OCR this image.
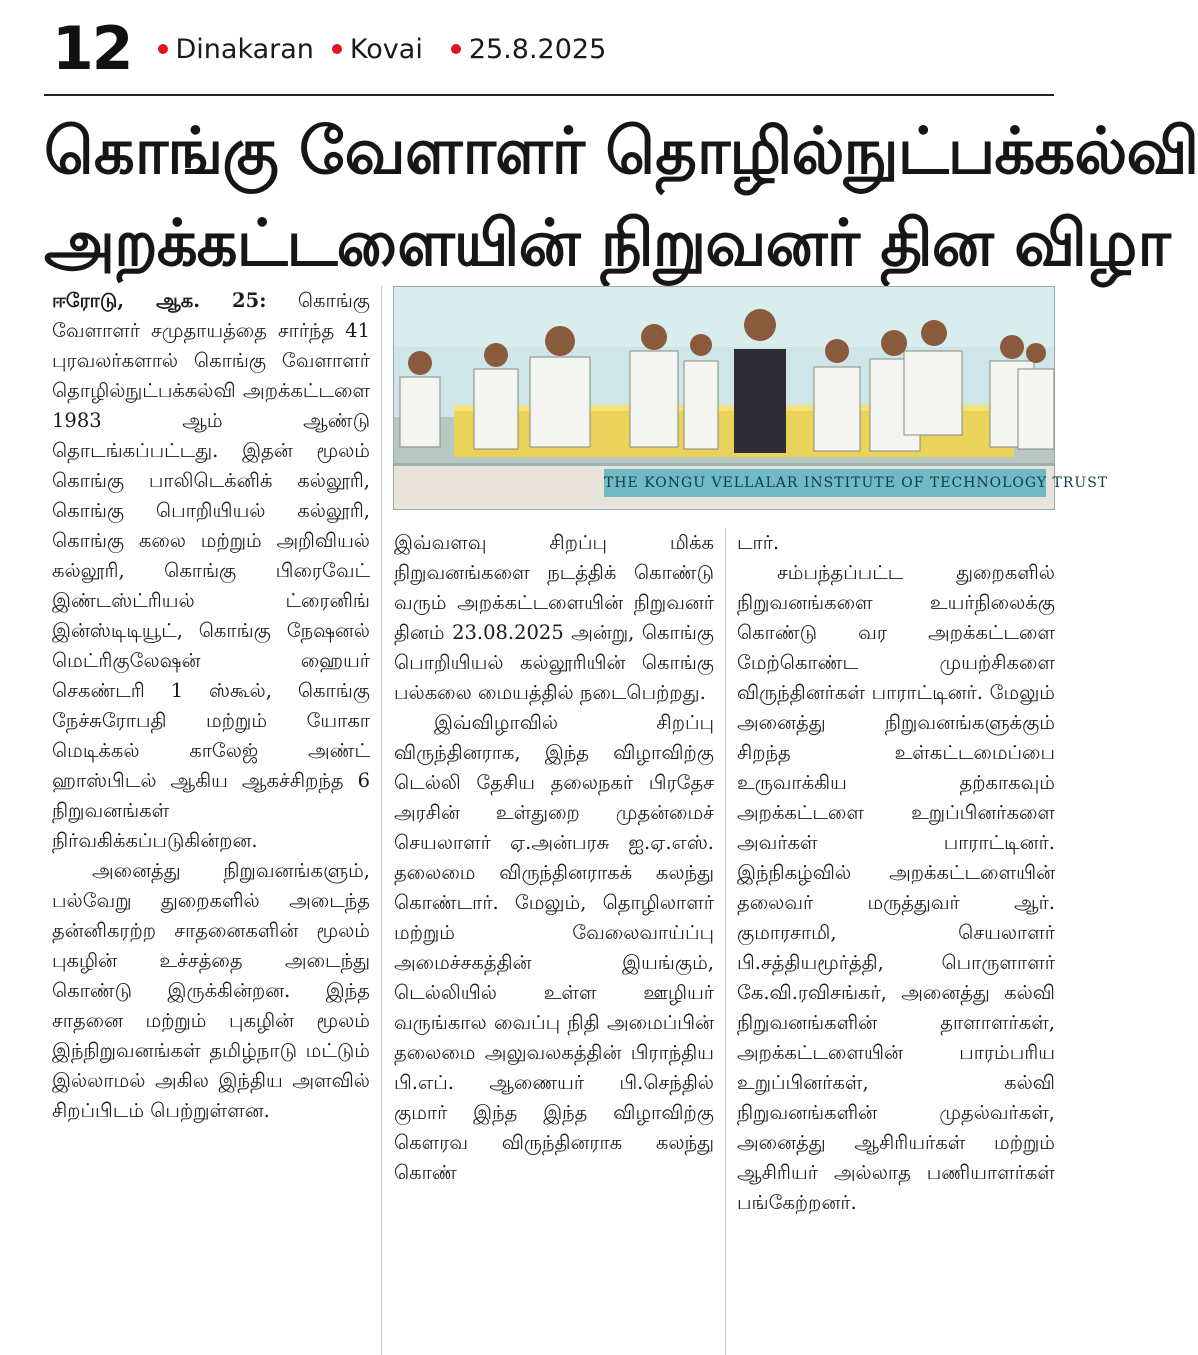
12 Dinakaran Kovai 25.8.2025
கொங்கு வேளாளர் தொழில்நுட்பக்கல்வி
அறக்கட்டளையின் நிறுவனர் தின விழா

ஈரோடு, ஆக. 25: கொங்கு வேளாளர் சமுதாயத்தை சார்ந்த 41 புரவலர்களால் கொங்கு வேளாளர் தொழில்நுட்பக்கல்வி அறக்கட்டளை 1983 ஆம் ஆண்டு தொடங்கப்பட்டது. இதன் மூலம் கொங்கு பாலிடெக்னிக் கல்லூரி, கொங்கு பொறியியல் கல்லூரி, கொங்கு கலை மற்றும் அறிவியல் கல்லூரி, கொங்கு பிரைவேட் இண்டஸ்ட்ரியல் ட்ரைனிங் இன்ஸ்டிடியூட், கொங்கு நேஷனல் மெட்ரிகுலேஷன் ஹையர் செகண்டரி 1 ஸ்கூல், கொங்கு நேச்சுரோபதி மற்றும் யோகா மெடிக்கல் காலேஜ் அண்ட் ஹாஸ்பிடல் ஆகிய ஆகச்சிறந்த 6 நிறுவனங்கள் நிர்வகிக்கப்படுகின்றன.

அனைத்து நிறுவனங்களும், பல்வேறு துறைகளில் அடைந்த தன்னிகரற்ற சாதனைகளின் மூலம் புகழின் உச்சத்தை அடைந்து கொண்டு இருக்கின்றன. இந்த சாதனை மற்றும் புகழின் மூலம் இந்நிறுவனங்கள் தமிழ்நாடு மட்டும் இல்லாமல் அகில இந்திய அளவில் சிறப்பிடம் பெற்றுள்ளன.

THE KONGU VELLALAR INSTITUTE OF TECHNOLOGY TRUST

இவ்வளவு சிறப்பு மிக்க நிறுவனங்களை நடத்திக் கொண்டு வரும் அறக்கட்டளையின் நிறுவனர் தினம் 23.08.2025 அன்று, கொங்கு பொறியியல் கல்லூரியின் கொங்கு பல்கலை மையத்தில் நடைபெற்றது.

இவ்விழாவில் சிறப்பு விருந்தினராக, இந்த விழாவிற்கு டெல்லி தேசிய தலைநகர் பிரதேச அரசின் உள்துறை முதன்மைச் செயலாளர் ஏ.அன்பரசு ஐ.ஏ.எஸ். தலைமை விருந்தினராகக் கலந்து கொண்டார். மேலும், தொழிலாளர் மற்றும் வேலைவாய்ப்பு அமைச்சகத்தின் இயங்கும், டெல்லியில் உள்ள ஊழியர் வருங்கால வைப்பு நிதி அமைப்பின் தலைமை அலுவலகத்தின் பிராந்திய பி.எப். ஆணையர் பி.செந்தில் குமார் இந்த இந்த விழாவிற்கு கௌரவ விருந்தினராக கலந்து கொண்

டார்.

சம்பந்தப்பட்ட துறைகளில் நிறுவனங்களை உயர்நிலைக்கு கொண்டு வர அறக்கட்டளை மேற்கொண்ட முயற்சிகளை விருந்தினர்கள் பாராட்டினர். மேலும் அனைத்து நிறுவனங்களுக்கும் சிறந்த உள்கட்டமைப்பை உருவாக்கிய தற்காகவும் அறக்கட்டளை உறுப்பினர்களை அவர்கள் பாராட்டினர். இந்நிகழ்வில் அறக்கட்டளையின் தலைவர் மருத்துவர் ஆர். குமாரசாமி, செயலாளர் பி.சத்தியமூர்த்தி, பொருளாளர் கே.வி.ரவிசங்கர், அனைத்து கல்வி நிறுவனங்களின் தாளாளர்கள், அறக்கட்டளையின் பாரம்பரிய உறுப்பினர்கள், கல்வி நிறுவனங்களின் முதல்வர்கள், அனைத்து ஆசிரியர்கள் மற்றும் ஆசிரியர் அல்லாத பணியாளர்கள் பங்கேற்றனர்.
